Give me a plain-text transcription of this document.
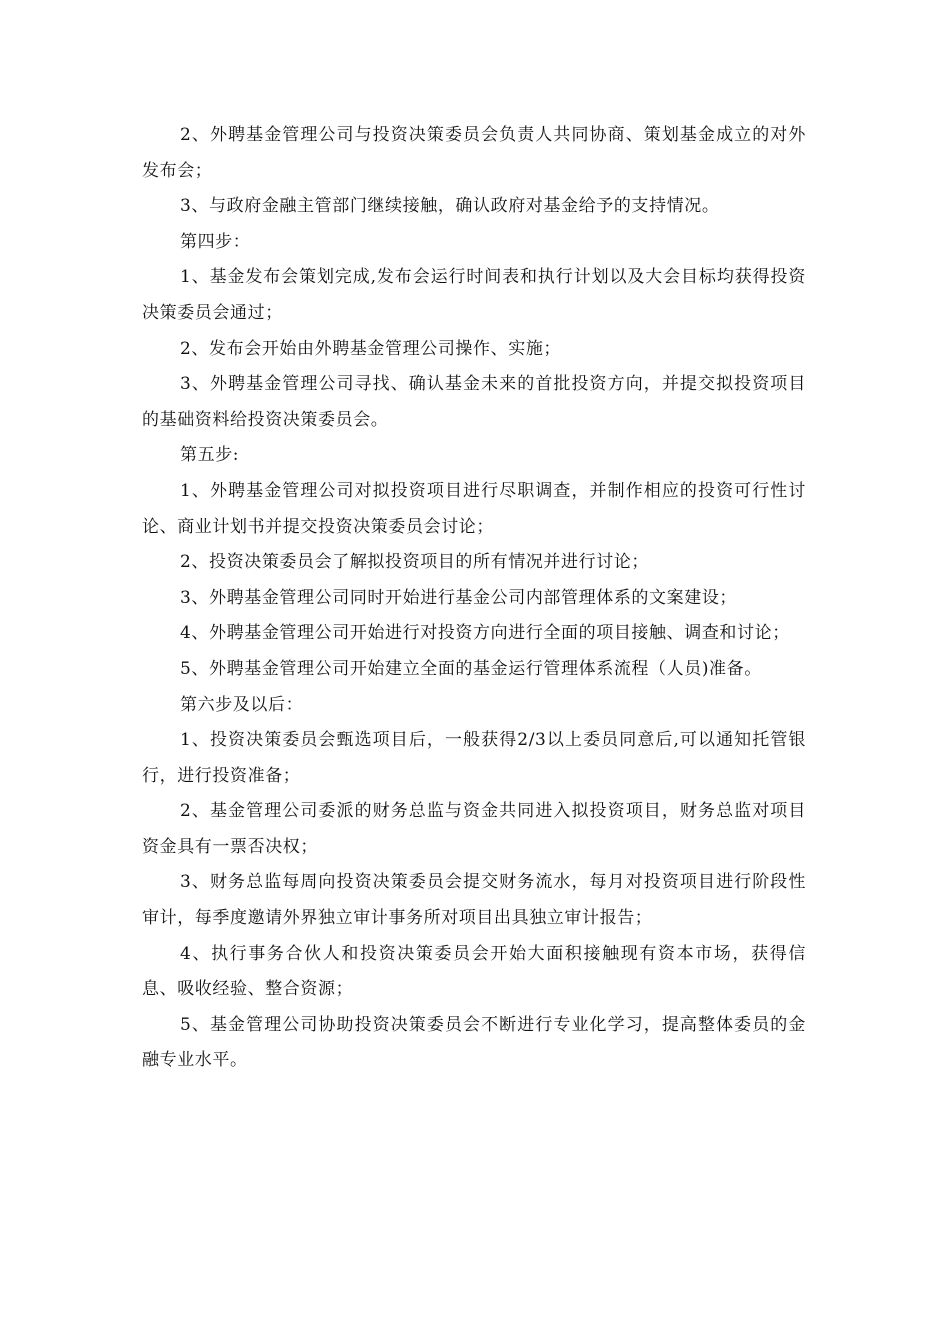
2、外聘基金管理公司与投资决策委员会负责人共同协商、策划基金成立的对外发布会；

3、与政府金融主管部门继续接触，确认政府对基金给予的支持情况。

第四步：

1、基金发布会策划完成,发布会运行时间表和执行计划以及大会目标均获得投资决策委员会通过；

2、发布会开始由外聘基金管理公司操作、实施；

3、外聘基金管理公司寻找、确认基金未来的首批投资方向，并提交拟投资项目的基础资料给投资决策委员会。

第五步:

1、外聘基金管理公司对拟投资项目进行尽职调查，并制作相应的投资可行性讨论、商业计划书并提交投资决策委员会讨论；

2、投资决策委员会了解拟投资项目的所有情况并进行讨论；

3、外聘基金管理公司同时开始进行基金公司内部管理体系的文案建设；

4、外聘基金管理公司开始进行对投资方向进行全面的项目接触、调查和讨论；

5、外聘基金管理公司开始建立全面的基金运行管理体系流程（人员)准备。

第六步及以后：

1、投资决策委员会甄选项目后，一般获得2/3以上委员同意后,可以通知托管银行，进行投资准备；

2、基金管理公司委派的财务总监与资金共同进入拟投资项目，财务总监对项目资金具有一票否决权；

3、财务总监每周向投资决策委员会提交财务流水，每月对投资项目进行阶段性审计，每季度邀请外界独立审计事务所对项目出具独立审计报告；

4、执行事务合伙人和投资决策委员会开始大面积接触现有资本市场，获得信息、吸收经验、整合资源；

5、基金管理公司协助投资决策委员会不断进行专业化学习，提高整体委员的金融专业水平。
